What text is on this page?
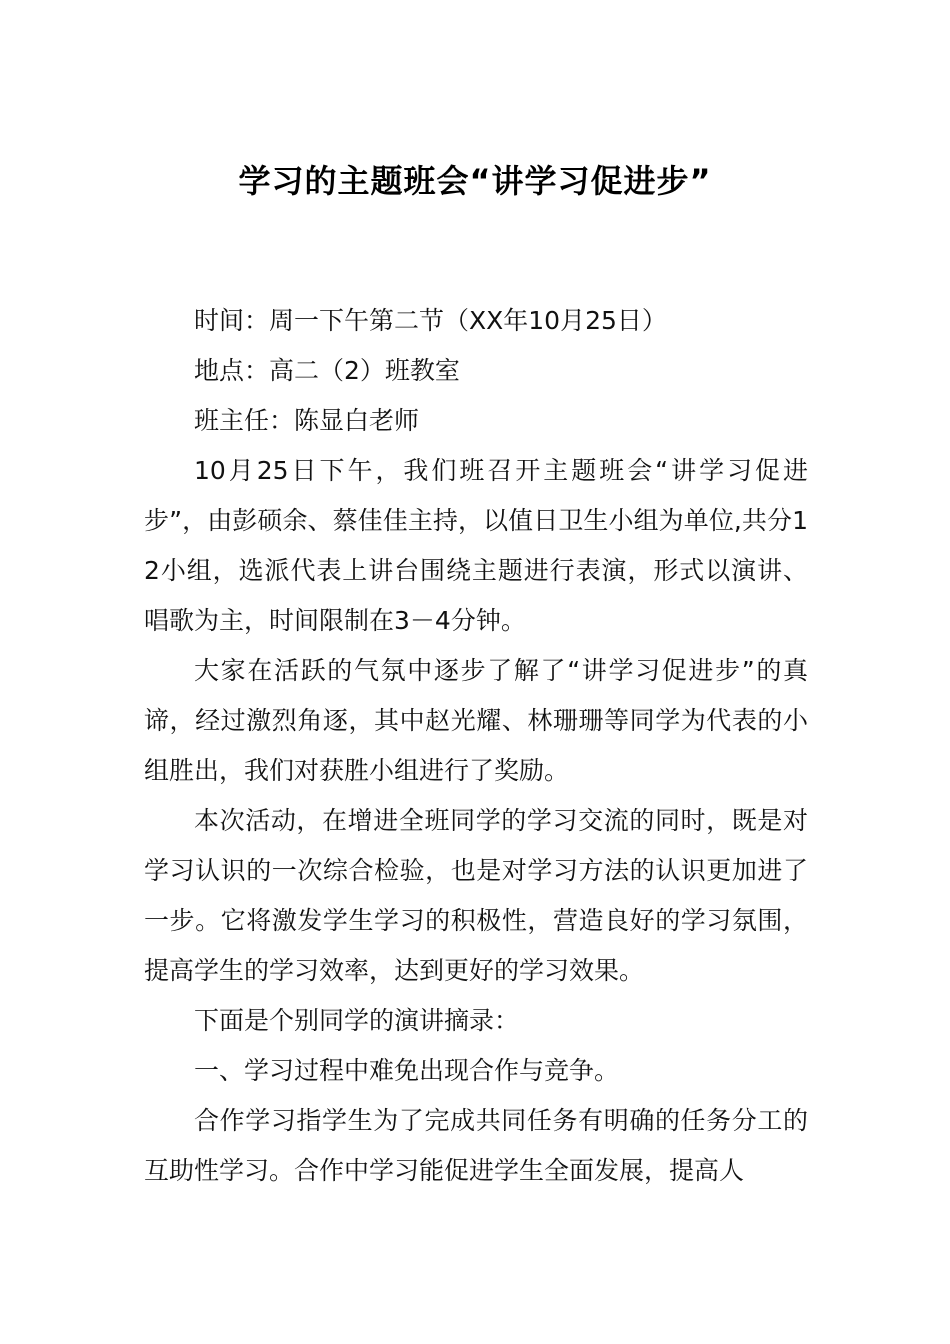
学习的主题班会“讲学习促进步”

时间：周一下午第二节（XX年10月25日）

地点：高二（2）班教室

班主任：陈显白老师

10月25日下午，我们班召开主题班会“讲学习促进步”，由彭硕余、蔡佳佳主持，以值日卫生小组为单位,共分12小组，选派代表上讲台围绕主题进行表演，形式以演讲、唱歌为主，时间限制在3－4分钟。

大家在活跃的气氛中逐步了解了“讲学习促进步”的真谛，经过激烈角逐，其中赵光耀、林珊珊等同学为代表的小组胜出，我们对获胜小组进行了奖励。

本次活动，在增进全班同学的学习交流的同时，既是对学习认识的一次综合检验，也是对学习方法的认识更加进了一步。它将激发学生学习的积极性，营造良好的学习氛围，提高学生的学习效率，达到更好的学习效果。

下面是个别同学的演讲摘录：

一、学习过程中难免出现合作与竞争。

合作学习指学生为了完成共同任务有明确的任务分工的互助性学习。合作中学习能促进学生全面发展，提高人
